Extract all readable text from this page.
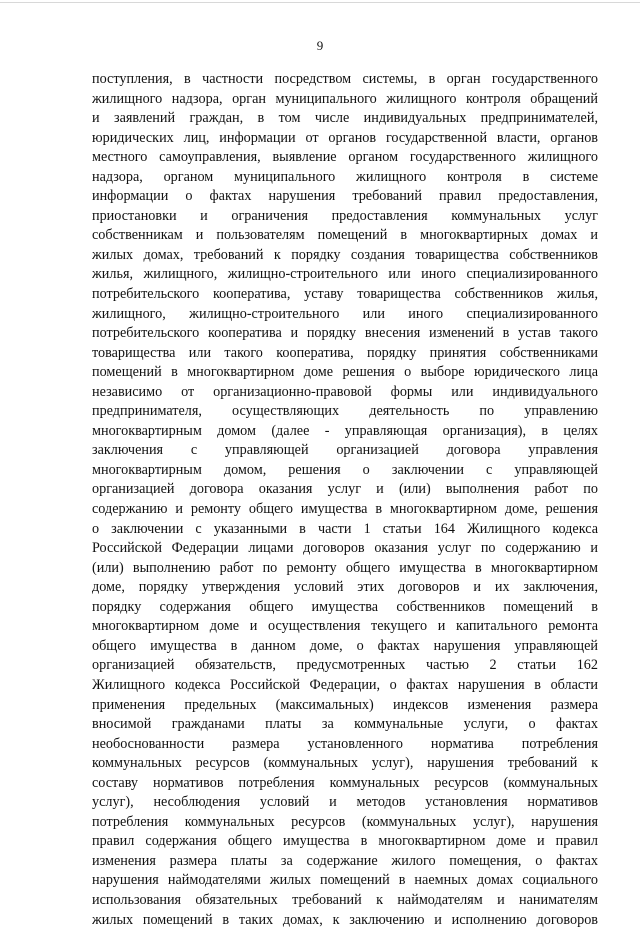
9
поступления, в частности посредством системы, в орган государственного
жилищного надзора, орган муниципального жилищного контроля обращений
и заявлений граждан, в том числе индивидуальных предпринимателей,
юридических лиц, информации от органов государственной власти, органов
местного самоуправления, выявление органом государственного жилищного
надзора, органом муниципального жилищного контроля в системе
информации о фактах нарушения требований правил предоставления,
приостановки и ограничения предоставления коммунальных услуг
собственникам и пользователям помещений в многоквартирных домах и
жилых домах, требований к порядку создания товарищества собственников
жилья, жилищного, жилищно-строительного или иного специализированного
потребительского кооператива, уставу товарищества собственников жилья,
жилищного, жилищно-строительного или иного специализированного
потребительского кооператива и порядку внесения изменений в устав такого
товарищества или такого кооператива, порядку принятия собственниками
помещений в многоквартирном доме решения о выборе юридического лица
независимо от организационно-правовой формы или индивидуального
предпринимателя, осуществляющих деятельность по управлению
многоквартирным домом (далее - управляющая организация), в целях
заключения с управляющей организацией договора управления
многоквартирным домом, решения о заключении с управляющей
организацией договора оказания услуг и (или) выполнения работ по
содержанию и ремонту общего имущества в многоквартирном доме, решения
о заключении с указанными в части 1 статьи 164 Жилищного кодекса
Российской Федерации лицами договоров оказания услуг по содержанию и
(или) выполнению работ по ремонту общего имущества в многоквартирном
доме, порядку утверждения условий этих договоров и их заключения,
порядку содержания общего имущества собственников помещений в
многоквартирном доме и осуществления текущего и капитального ремонта
общего имущества в данном доме, о фактах нарушения управляющей
организацией обязательств, предусмотренных частью 2 статьи 162
Жилищного кодекса Российской Федерации, о фактах нарушения в области
применения предельных (максимальных) индексов изменения размера
вносимой гражданами платы за коммунальные услуги, о фактах
необоснованности размера установленного норматива потребления
коммунальных ресурсов (коммунальных услуг), нарушения требований к
составу нормативов потребления коммунальных ресурсов (коммунальных
услуг), несоблюдения условий и методов установления нормативов
потребления коммунальных ресурсов (коммунальных услуг), нарушения
правил содержания общего имущества в многоквартирном доме и правил
изменения размера платы за содержание жилого помещения, о фактах
нарушения наймодателями жилых помещений в наемных домах социального
использования обязательных требований к наймодателям и нанимателям
жилых помещений в таких домах, к заключению и исполнению договоров
